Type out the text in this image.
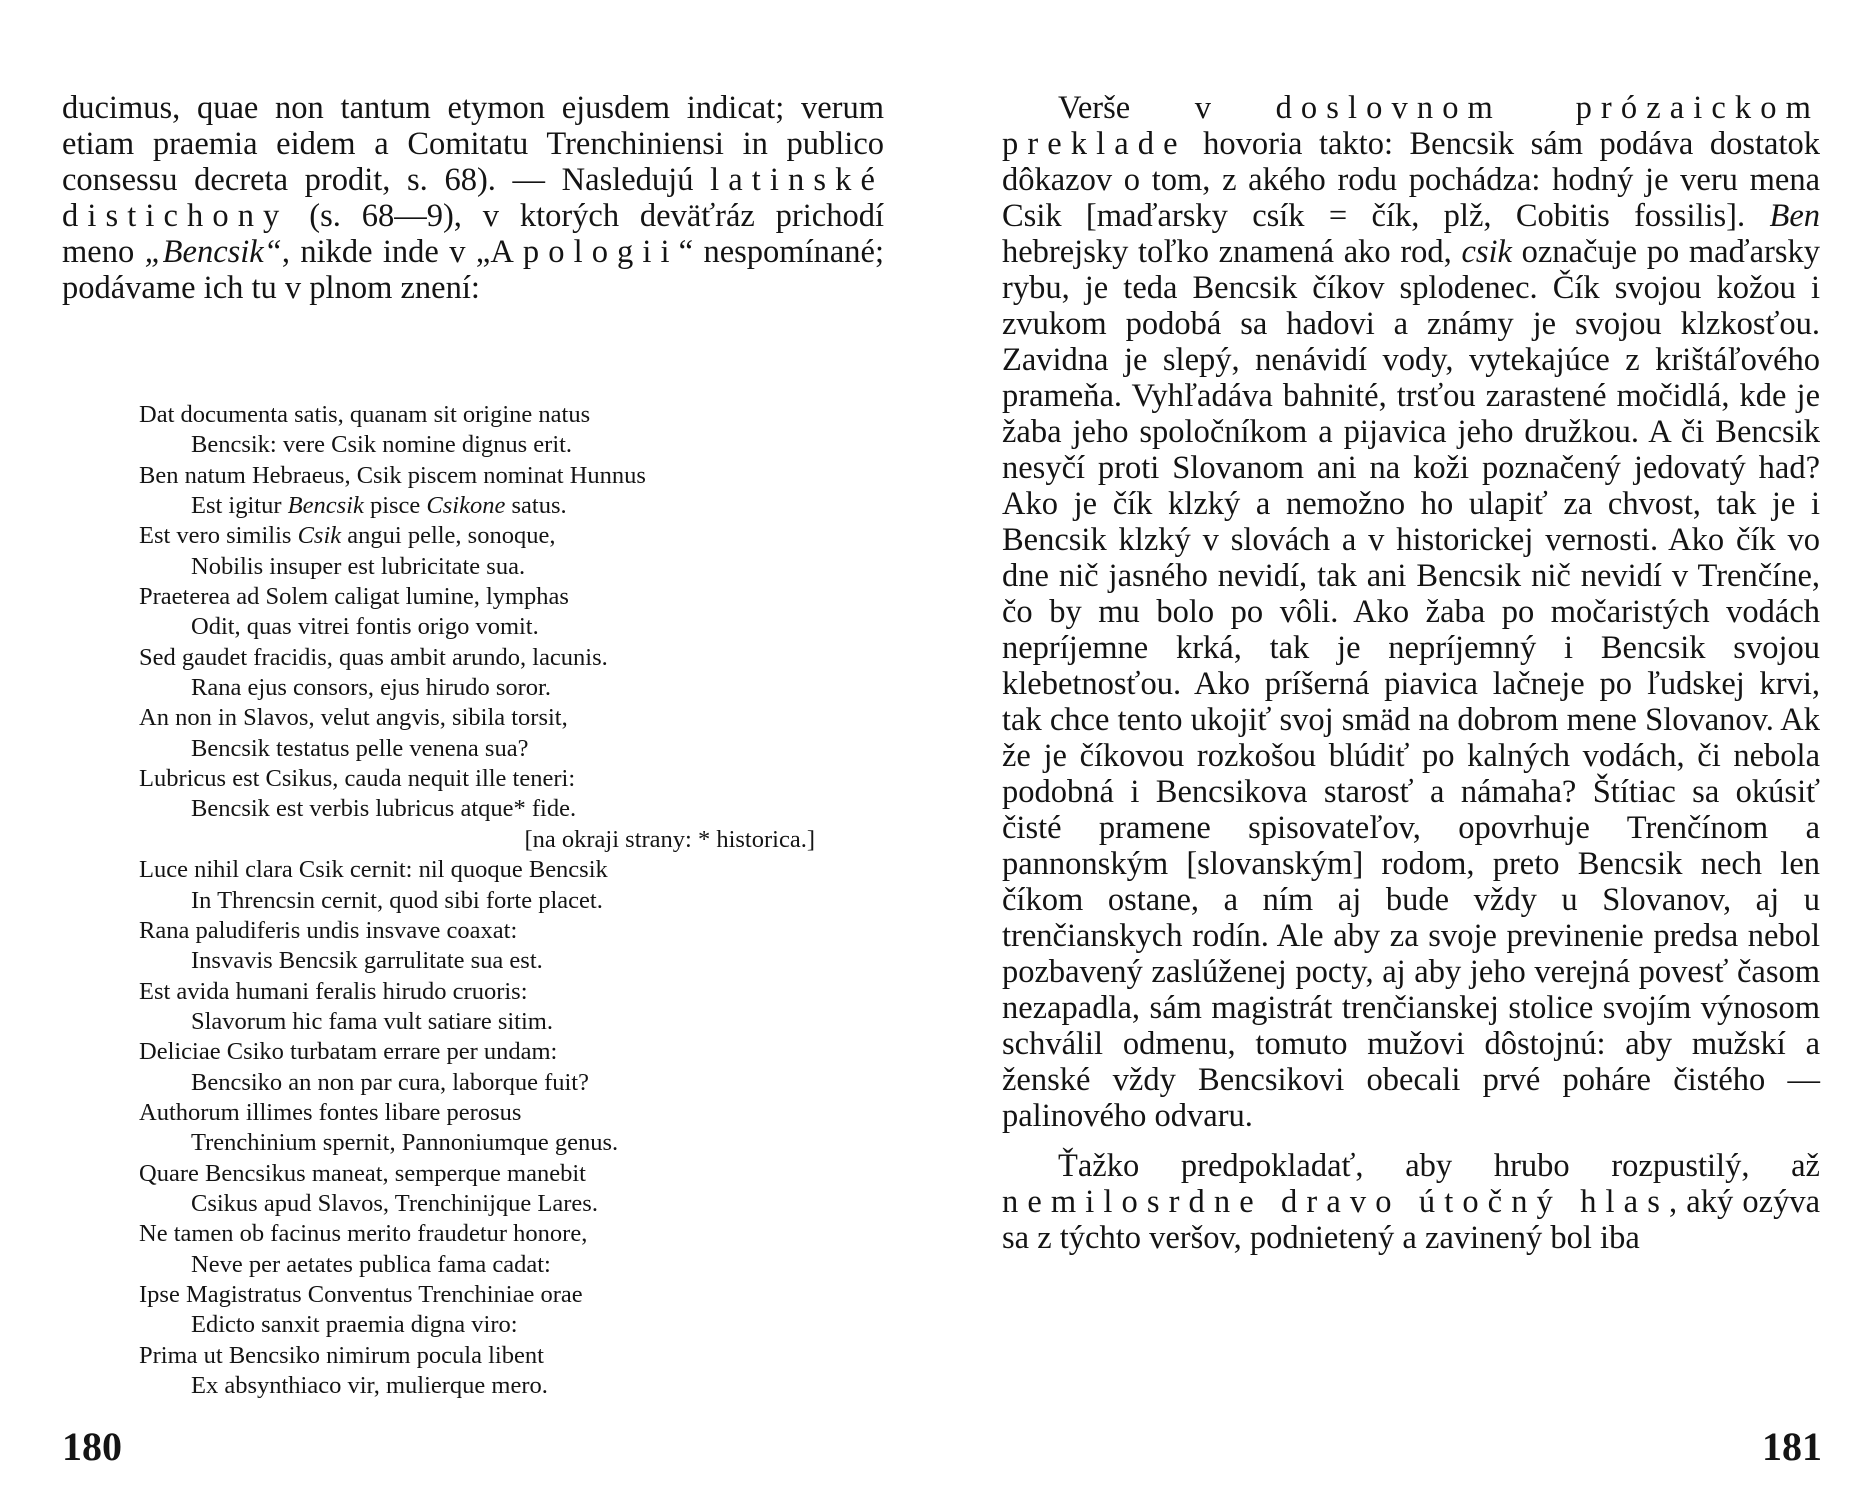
ducimus, quae non tantum etymon ejusdem indicat; verum etiam praemia eidem a Comitatu Trenchiniensi in publico consessu decreta prodit, s. 68). — Nasledujú latinské distichony (s. 68—9), v ktorých deväťráz prichodí meno „Bencsik“, nikde inde v „Apologii“ nespomínané; podávame ich tu v plnom znení:

Dat documenta satis, quanam sit origine natus
Bencsik: vere Csik nomine dignus erit.
Ben natum Hebraeus, Csik piscem nominat Hunnus
Est igitur Bencsik pisce Csikone satus.
Est vero similis Csik angui pelle, sonoque,
Nobilis insuper est lubricitate sua.
Praeterea ad Solem caligat lumine, lymphas
Odit, quas vitrei fontis origo vomit.
Sed gaudet fracidis, quas ambit arundo, lacunis.
Rana ejus consors, ejus hirudo soror.
An non in Slavos, velut angvis, sibila torsit,
Bencsik testatus pelle venena sua?
Lubricus est Csikus, cauda nequit ille teneri:
Bencsik est verbis lubricus atque* fide.
[na okraji strany: * historica.]
Luce nihil clara Csik cernit: nil quoque Bencsik
In Threncsin cernit, quod sibi forte placet.
Rana paludiferis undis insvave coaxat:
Insvavis Bencsik garrulitate sua est.
Est avida humani feralis hirudo cruoris:
Slavorum hic fama vult satiare sitim.
Deliciae Csiko turbatam errare per undam:
Bencsiko an non par cura, laborque fuit?
Authorum illimes fontes libare perosus
Trenchinium spernit, Pannoniumque genus.
Quare Bencsikus maneat, semperque manebit
Csikus apud Slavos, Trenchinijque Lares.
Ne tamen ob facinus merito fraudetur honore,
Neve per aetates publica fama cadat:
Ipse Magistratus Conventus Trenchiniae orae
Edicto sanxit praemia digna viro:
Prima ut Bencsiko nimirum pocula libent
Ex absynthiaco vir, mulierque mero.
180

Verše v doslovnom prózaickom preklade hovoria takto: Bencsik sám podáva dostatok dôkazov o tom, z akého rodu pochádza: hodný je veru mena Csik [maďarsky csík = čík, plž, Cobitis fossilis]. Ben hebrejsky toľko znamená ako rod, csik označuje po maďarsky rybu, je teda Bencsik číkov splodenec. Čík svojou kožou i zvukom podobá sa hadovi a známy je svojou klzkosťou. Zavidna je slepý, nenávidí vody, vytekajúce z krištáľového prameňa. Vyhľadáva bahnité, trsťou zarastené močidlá, kde je žaba jeho spoločníkom a pijavica jeho družkou. A či Bencsik nesyčí proti Slovanom ani na koži poznačený jedovatý had? Ako je čík klzký a nemožno ho ulapiť za chvost, tak je i Bencsik klzký v slovách a v historickej vernosti. Ako čík vo dne nič jasného nevidí, tak ani Bencsik nič nevidí v Trenčíne, čo by mu bolo po vôli. Ako žaba po močaristých vodách nepríjemne krká, tak je nepríjemný i Bencsik svojou klebetnosťou. Ako príšerná piavica lačneje po ľudskej krvi, tak chce tento ukojiť svoj smäd na dobrom mene Slovanov. Ak že je číkovou rozkošou blúdiť po kalných vodách, či nebola podobná i Bencsikova starosť a námaha? Štítiac sa okúsiť čisté pramene spisovateľov, opovrhuje Trenčínom a pannonským [slovanským] rodom, preto Bencsik nech len číkom ostane, a ním aj bude vždy u Slovanov, aj u trenčianskych rodín. Ale aby za svoje previnenie predsa nebol pozbavený zaslúženej pocty, aj aby jeho verejná povesť časom nezapadla, sám magistrát trenčianskej stolice svojím výnosom schválil odmenu, tomuto mužovi dôstojnú: aby mužskí a ženské vždy Bencsikovi obecali prvé poháre čistého — palinového odvaru.

Ťažko predpokladať, aby hrubo rozpustilý, až nemilosrdne dravo útočný hlas, aký ozýva sa z týchto veršov, podnietený a zavinený bol iba

181
